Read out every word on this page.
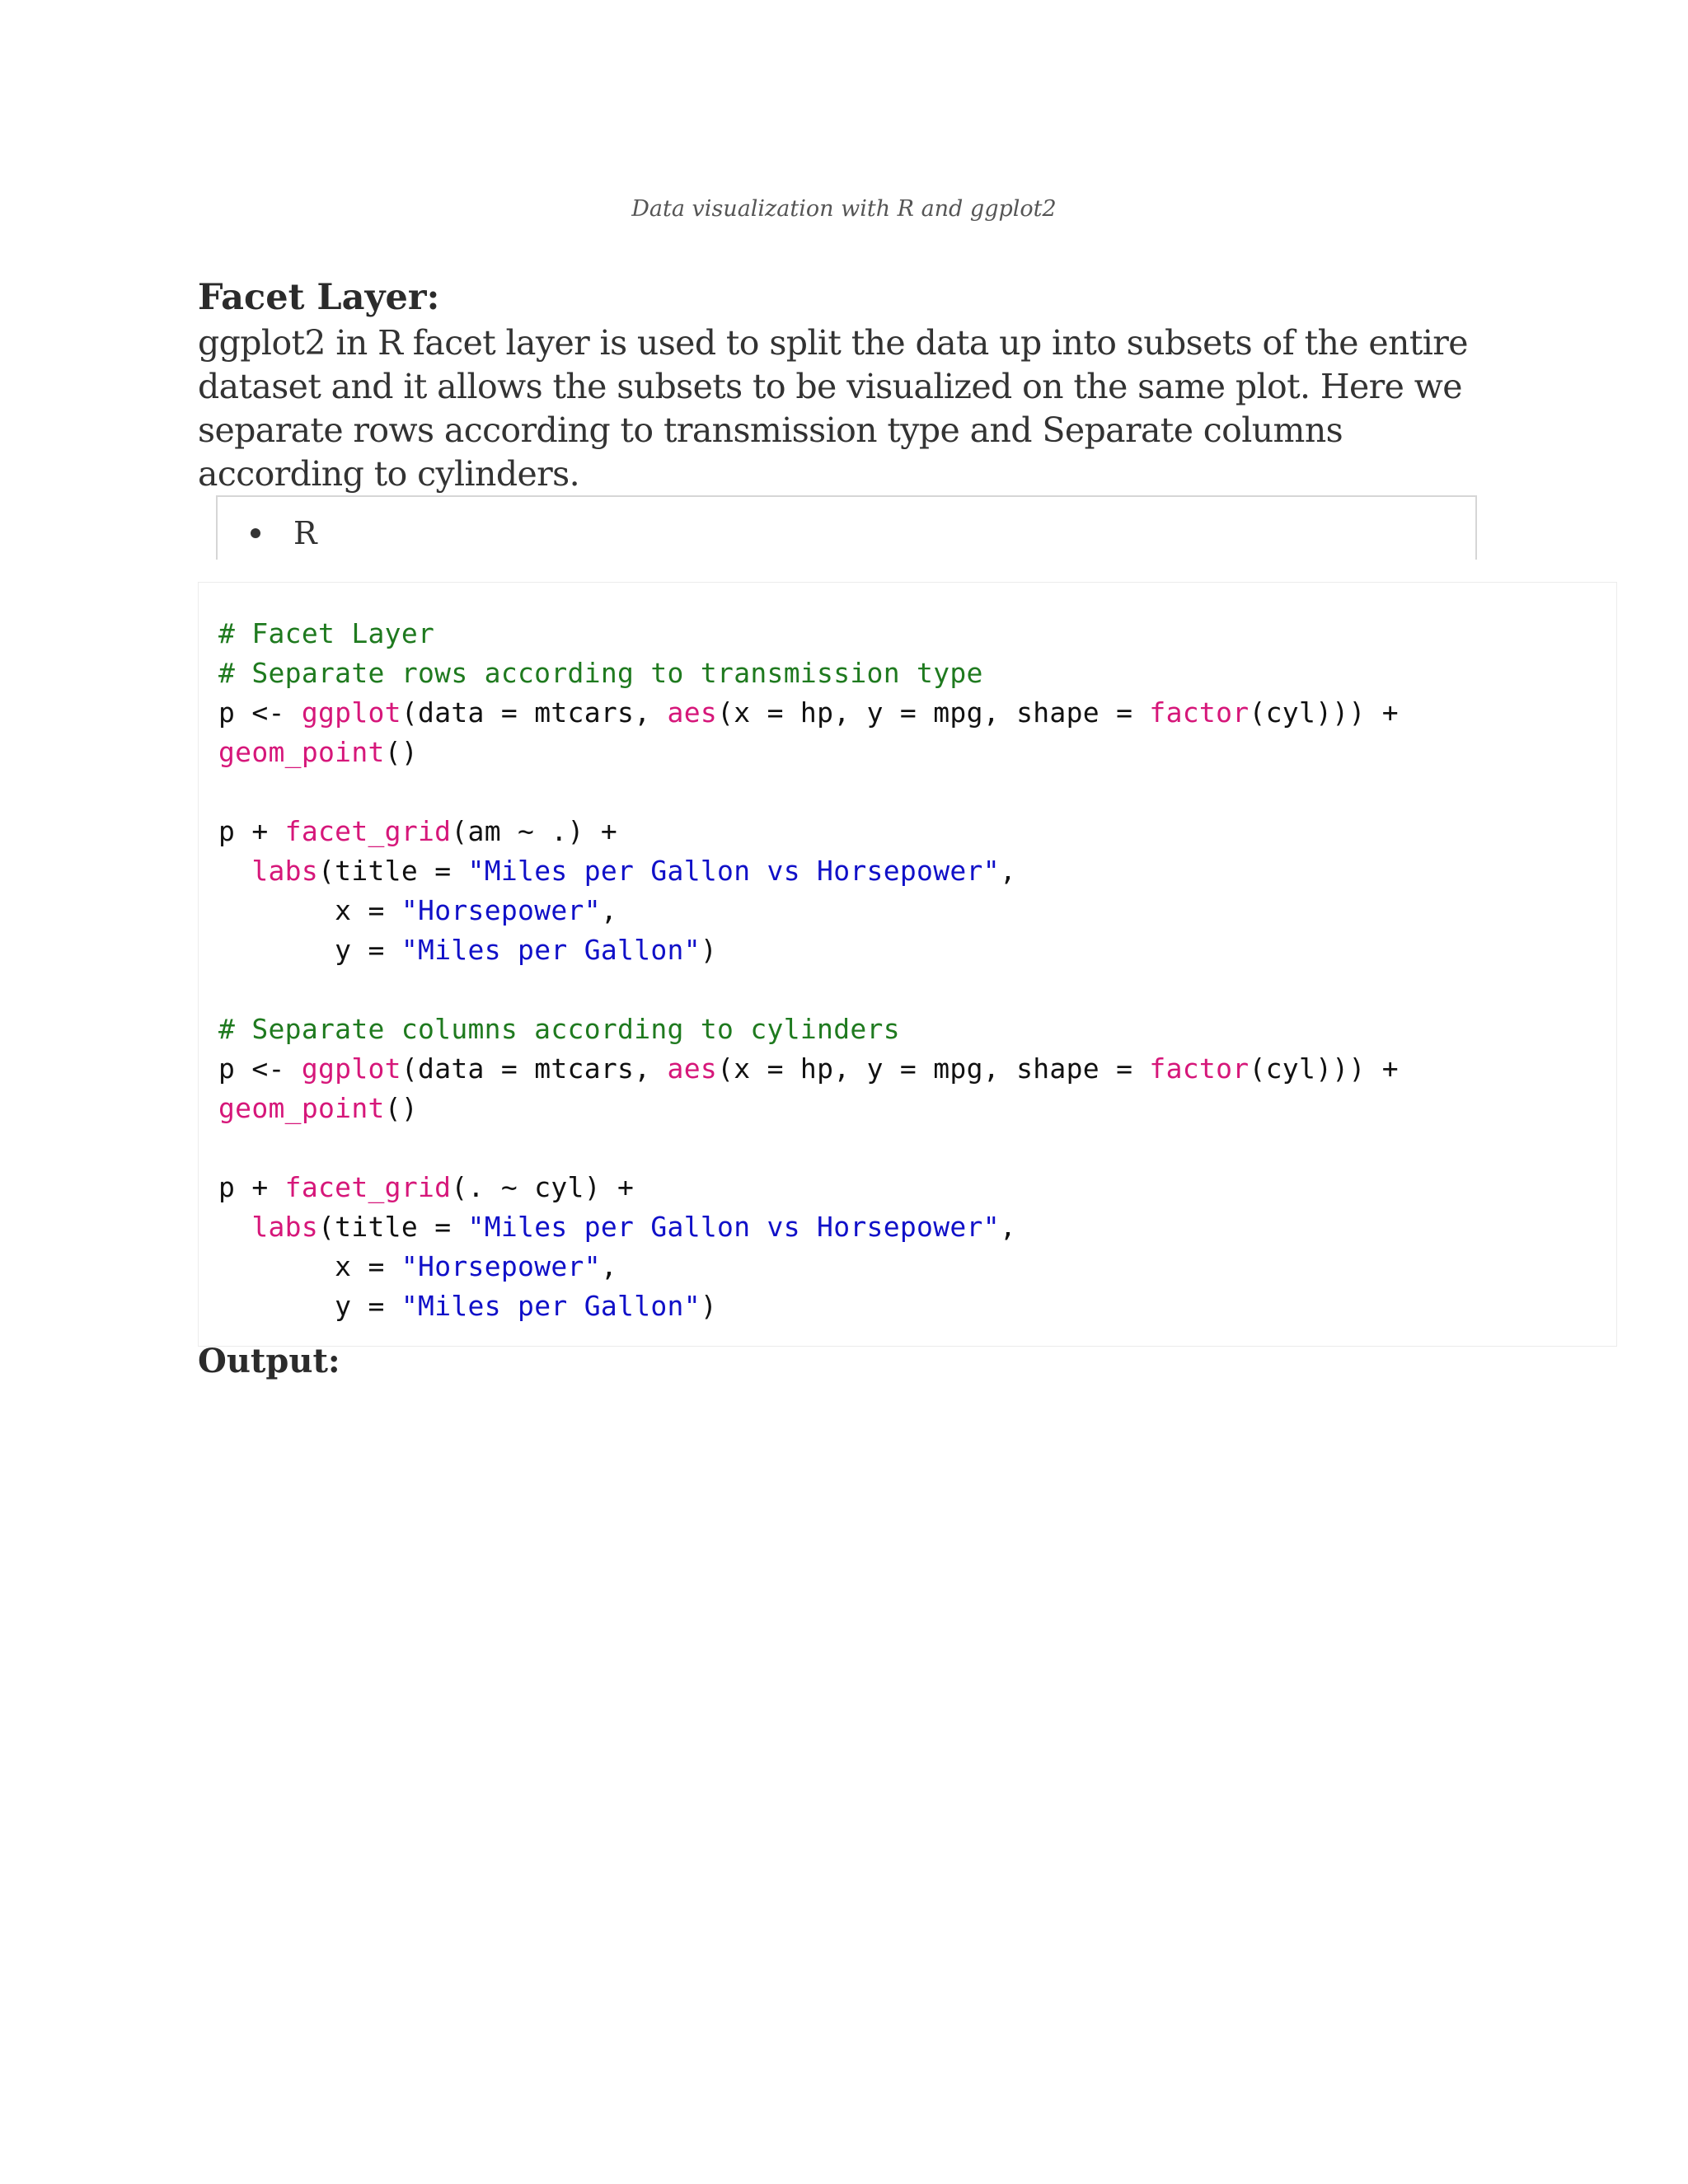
Data visualization with R and ggplot2
Facet Layer:

ggplot2 in R facet layer is used to split the data up into subsets of the entire dataset and it allows the subsets to be visualized on the same plot. Here we separate rows according to transmission type and Separate columns according to cylinders.

R
# Facet Layer
# Separate rows according to transmission type
p <- ggplot(data = mtcars, aes(x = hp, y = mpg, shape = factor(cyl))) +
geom_point()
p + facet_grid(am ~ .) +
labs(title = "Miles per Gallon vs Horsepower",
x = "Horsepower",
y = "Miles per Gallon")
# Separate columns according to cylinders
p <- ggplot(data = mtcars, aes(x = hp, y = mpg, shape = factor(cyl))) +
geom_point()
p + facet_grid(. ~ cyl) +
labs(title = "Miles per Gallon vs Horsepower",
x = "Horsepower",
y = "Miles per Gallon")
Output:
